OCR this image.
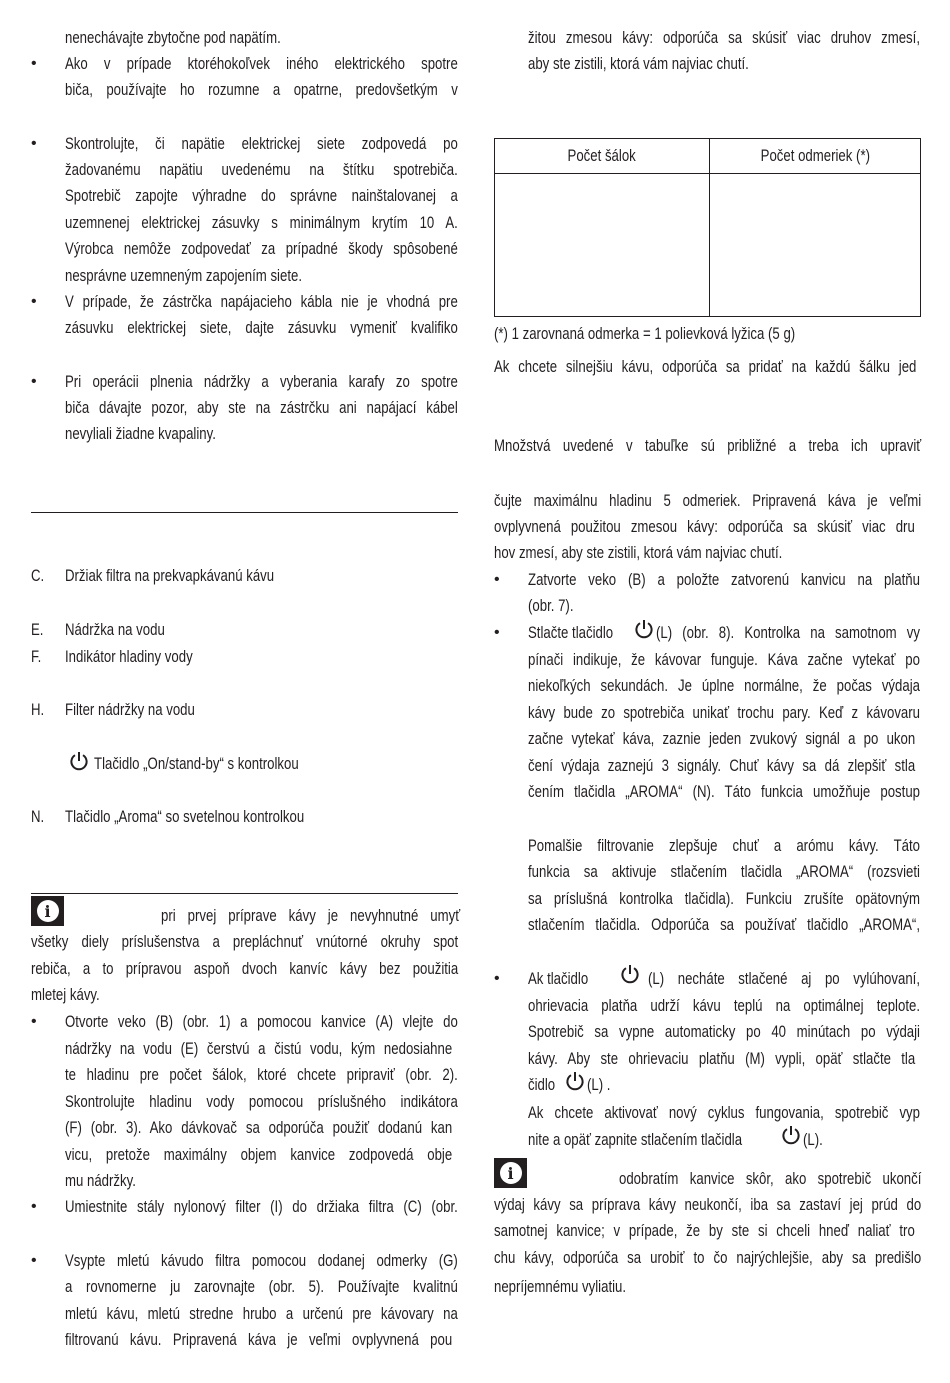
nenechávajte zbytočne pod napätím.
• Ako v prípade ktoréhokoľvek iného elektrického spotre
biča, používajte ho rozumne a opatrne, predovšetkým v
• Skontrolujte, či napätie elektrickej siete zodpovedá po
žadovanému napätiu uvedenému na štítku spotrebiča.
Spotrebič zapojte výhradne do správne nainštalovanej a
uzemnenej elektrickej zásuvky s minimálnym krytím 10 A.
Výrobca nemôže zodpovedať za prípadné škody spôsobené
nesprávne uzemneným zapojením siete.
• V prípade, že zástrčka napájacieho kábla nie je vhodná pre
zásuvku elektrickej siete, dajte zásuvku vymeniť kvalifiko
• Pri operácii plnenia nádržky a vyberania karafy zo spotre
biča dávajte pozor, aby ste na zástrčku ani napájací kábel
nevyliali žiadne kvapaliny.
C. Držiak filtra na prekvapkávanú kávu
E. Nádržka na vodu
F. Indikátor hladiny vody
H. Filter nádržky na vodu
Tlačidlo „On/stand-by“ s kontrolkou
N. Tlačidlo „Aroma“ so svetelnou kontrolkou
i	pri prvej príprave kávy je nevyhnutné umyť
všetky diely príslušenstva a prepláchnuť vnútorné okruhy spot
rebiča, a to prípravou aspoň dvoch kanvíc kávy bez použitia
mletej kávy.
• Otvorte veko (B) (obr. 1) a pomocou kanvice (A) vlejte do
nádržky na vodu (E) čerstvú a čistú vodu, kým nedosiahne
te hladinu pre počet šálok, ktoré chcete pripraviť (obr. 2).
Skontrolujte hladinu vody pomocou príslušného indikátora
(F) (obr. 3). Ako dávkovač sa odporúča použiť dodanú kan
vicu, pretože maximálny objem kanvice zodpovedá obje
mu nádržky.
• Umiestnite stály nylonový filter (I) do držiaka filtra (C) (obr.
• Vsypte mletú kávudo filtra pomocou dodanej odmerky (G)
a rovnomerne ju zarovnajte (obr. 5). Používajte kvalitnú
mletú kávu, mletú stredne hrubo a určenú pre kávovary na
filtrovanú kávu. Pripravená káva je veľmi ovplyvnená pou
žitou zmesou kávy: odporúča sa skúsiť viac druhov zmesí,
aby ste zistili, ktorá vám najviac chutí.
Počet šálok	Počet odmeriek (*)

(*) 1 zarovnaná odmerka = 1 polievková lyžica (5 g)
Ak chcete silnejšiu kávu, odporúča sa pridať na každú šálku jed
Množstvá uvedené v tabuľke sú približné a treba ich upraviť
čujte maximálnu hladinu 5 odmeriek. Pripravená káva je veľmi
ovplyvnená použitou zmesou kávy: odporúča sa skúsiť viac dru
hov zmesí, aby ste zistili, ktorá vám najviac chutí.
• Zatvorte veko (B) a položte zatvorenú kanvicu na platňu
(obr. 7).
• Stlačte tlačidlo	(L) (obr. 8). Kontrolka na samotnom vy
pínači indikuje, že kávovar funguje. Káva začne vytekať po
niekoľkých sekundách. Je úplne normálne, že počas výdaja
kávy bude zo spotrebiča unikať trochu pary. Keď z kávovaru
začne vytekať káva, zaznie jeden zvukový signál a po ukon
čení výdaja zaznejú 3 signály. Chuť kávy sa dá zlepšiť stla
čením tlačidla „AROMA“ (N). Táto funkcia umožňuje postup
Pomalšie filtrovanie zlepšuje chuť a arómu kávy. Táto
funkcia sa aktivuje stlačením tlačidla „AROMA“ (rozsvieti
sa príslušná kontrolka tlačidla). Funkciu zrušíte opätovným
stlačením tlačidla. Odporúča sa používať tlačidlo „AROMA“,
• Ak tlačidlo	(L) necháte stlačené aj po vylúhovaní,
ohrievacia platňa udrží kávu teplú na optimálnej teplote.
Spotrebič sa vypne automaticky po 40 minútach po výdaji
kávy. Aby ste ohrievaciu platňu (M) vypli, opäť stlačte tla
čidlo (L) .
Ak chcete aktivovať nový cyklus fungovania, spotrebič vyp
nite a opäť zapnite stlačením tlačidla	(L).
i	odobratím kanvice skôr, ako spotrebič ukončí
výdaj kávy sa príprava kávy neukončí, iba sa zastaví jej prúd do
samotnej kanvice; v prípade, že by ste si chceli hneď naliať tro
chu kávy, odporúča sa urobiť to čo najrýchlejšie, aby sa predišlo
nepríjemnému vyliatiu.
